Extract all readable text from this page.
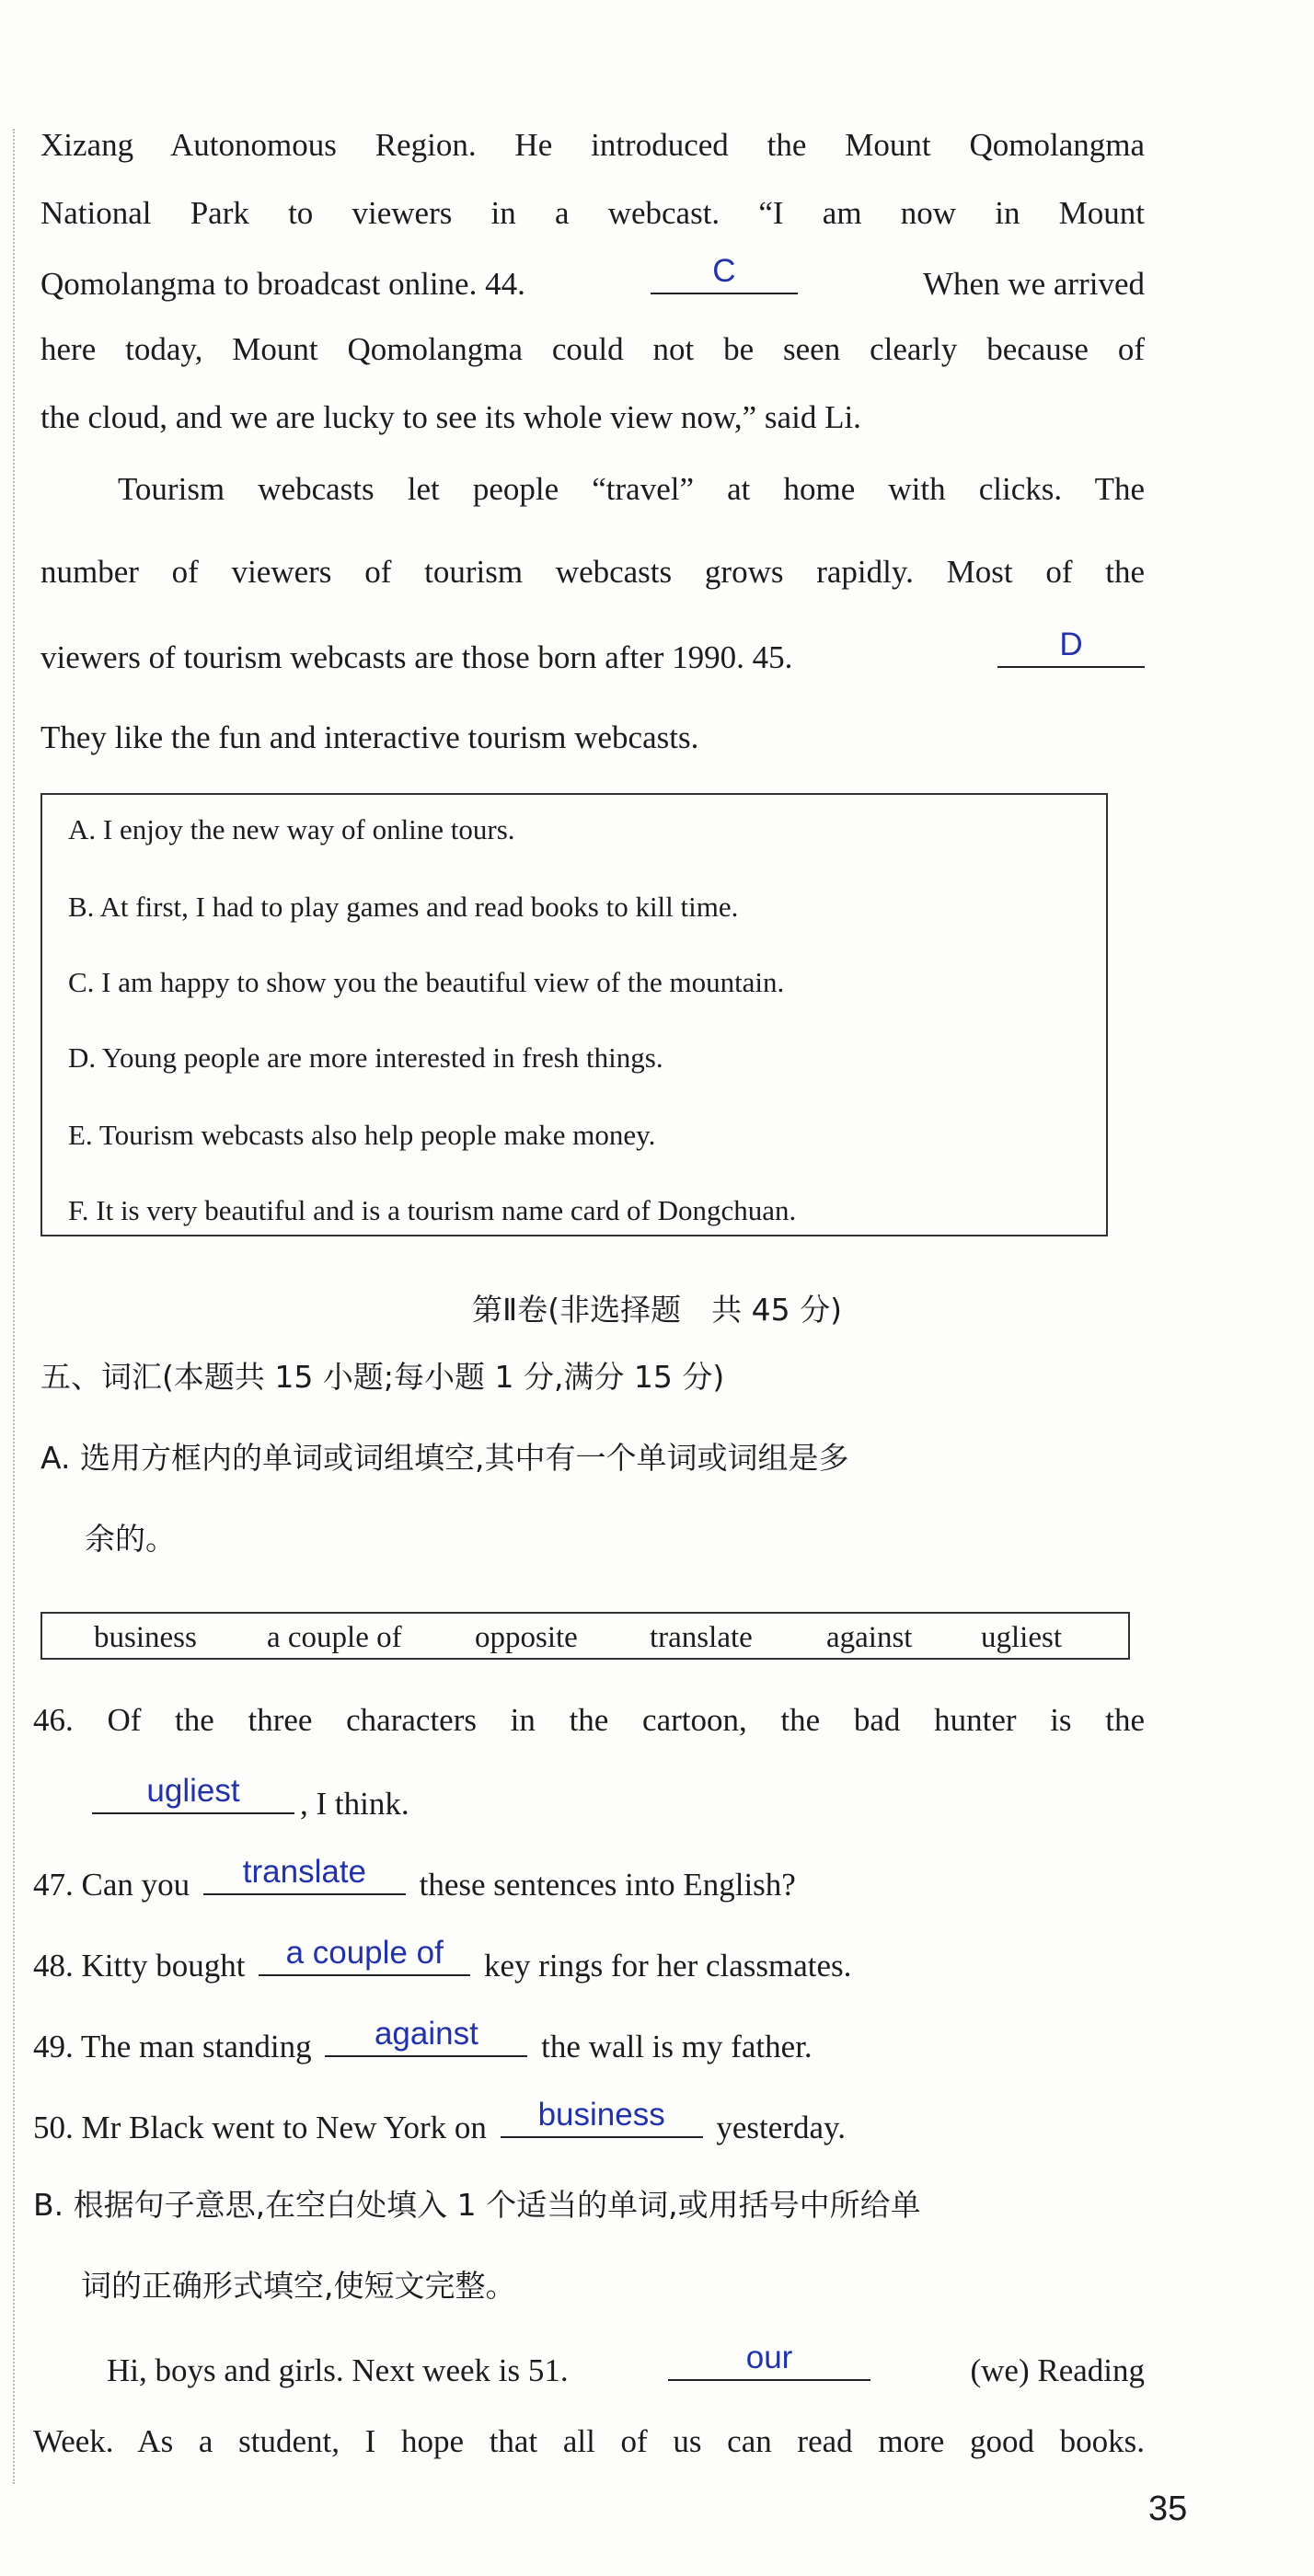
Xizang Autonomous Region. He introduced the Mount Qomolangma
National Park to viewers in a webcast. “I am now in Mount
Qomolangma to broadcast online. 44.	C	When we arrived
here today, Mount Qomolangma could not be seen clearly because of
the cloud, and we are lucky to see its whole view now,” said Li.
Tourism webcasts let people “travel” at home with clicks. The
number of viewers of tourism webcasts grows rapidly. Most of the
viewers of tourism webcasts are those born after 1990. 45.	D
They like the fun and interactive tourism webcasts.
A. I enjoy the new way of online tours.
B. At first, I had to play games and read books to kill time.
C. I am happy to show you the beautiful view of the mountain.
D. Young people are more interested in fresh things.
E. Tourism webcasts also help people make money.
F. It is very beautiful and is a tourism name card of Dongchuan.
第Ⅱ卷(非选择题　共 45 分)
五、词汇(本题共 15 小题;每小题 1 分,满分 15 分)
A. 选用方框内的单词或词组填空,其中有一个单词或词组是多
余的。
business a couple of opposite translate against ugliest
46. Of the three characters in the cartoon, the bad hunter is the
ugliest	, I think.
47. Can you	translate	these sentences into English?
48. Kitty bought	a couple of	key rings for her classmates.
49. The man standing	against	the wall is my father.
50. Mr Black went to New York on	business	yesterday.
B. 根据句子意思,在空白处填入 1 个适当的单词,或用括号中所给单
词的正确形式填空,使短文完整。
Hi, boys and girls. Next week is 51.	our	(we) Reading
Week. As a student, I hope that all of us can read more good books.
35
